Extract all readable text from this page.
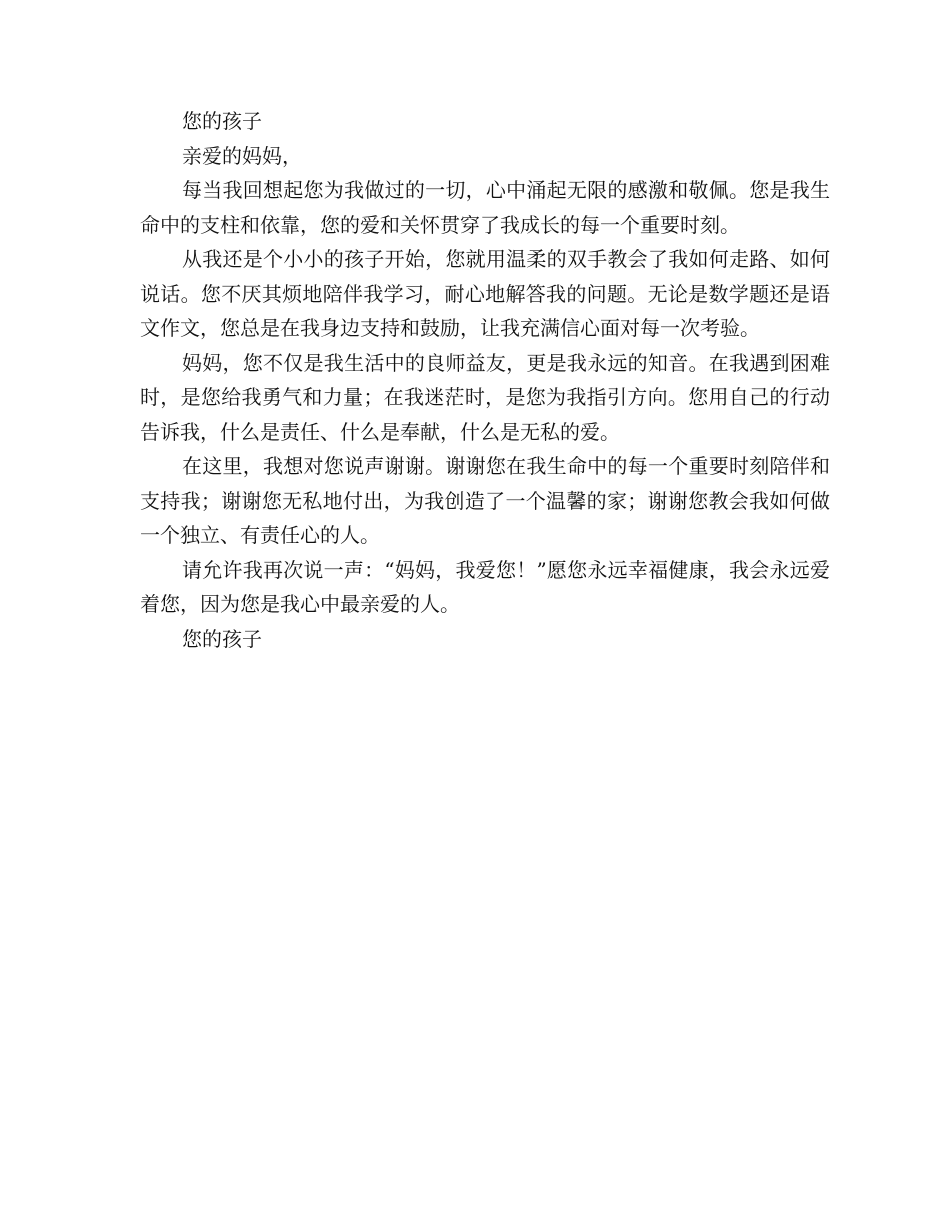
您的孩子

亲爱的妈妈，

每当我回想起您为我做过的一切，心中涌起无限的感激和敬佩。您是我生命中的支柱和依靠，您的爱和关怀贯穿了我成长的每一个重要时刻。

从我还是个小小的孩子开始，您就用温柔的双手教会了我如何走路、如何说话。您不厌其烦地陪伴我学习，耐心地解答我的问题。无论是数学题还是语文作文，您总是在我身边支持和鼓励，让我充满信心面对每一次考验。

妈妈，您不仅是我生活中的良师益友，更是我永远的知音。在我遇到困难时，是您给我勇气和力量；在我迷茫时，是您为我指引方向。您用自己的行动告诉我，什么是责任、什么是奉献，什么是无私的爱。

在这里，我想对您说声谢谢。谢谢您在我生命中的每一个重要时刻陪伴和支持我；谢谢您无私地付出，为我创造了一个温馨的家；谢谢您教会我如何做一个独立、有责任心的人。

请允许我再次说一声：“妈妈，我爱您！”愿您永远幸福健康，我会永远爱着您，因为您是我心中最亲爱的人。

您的孩子
